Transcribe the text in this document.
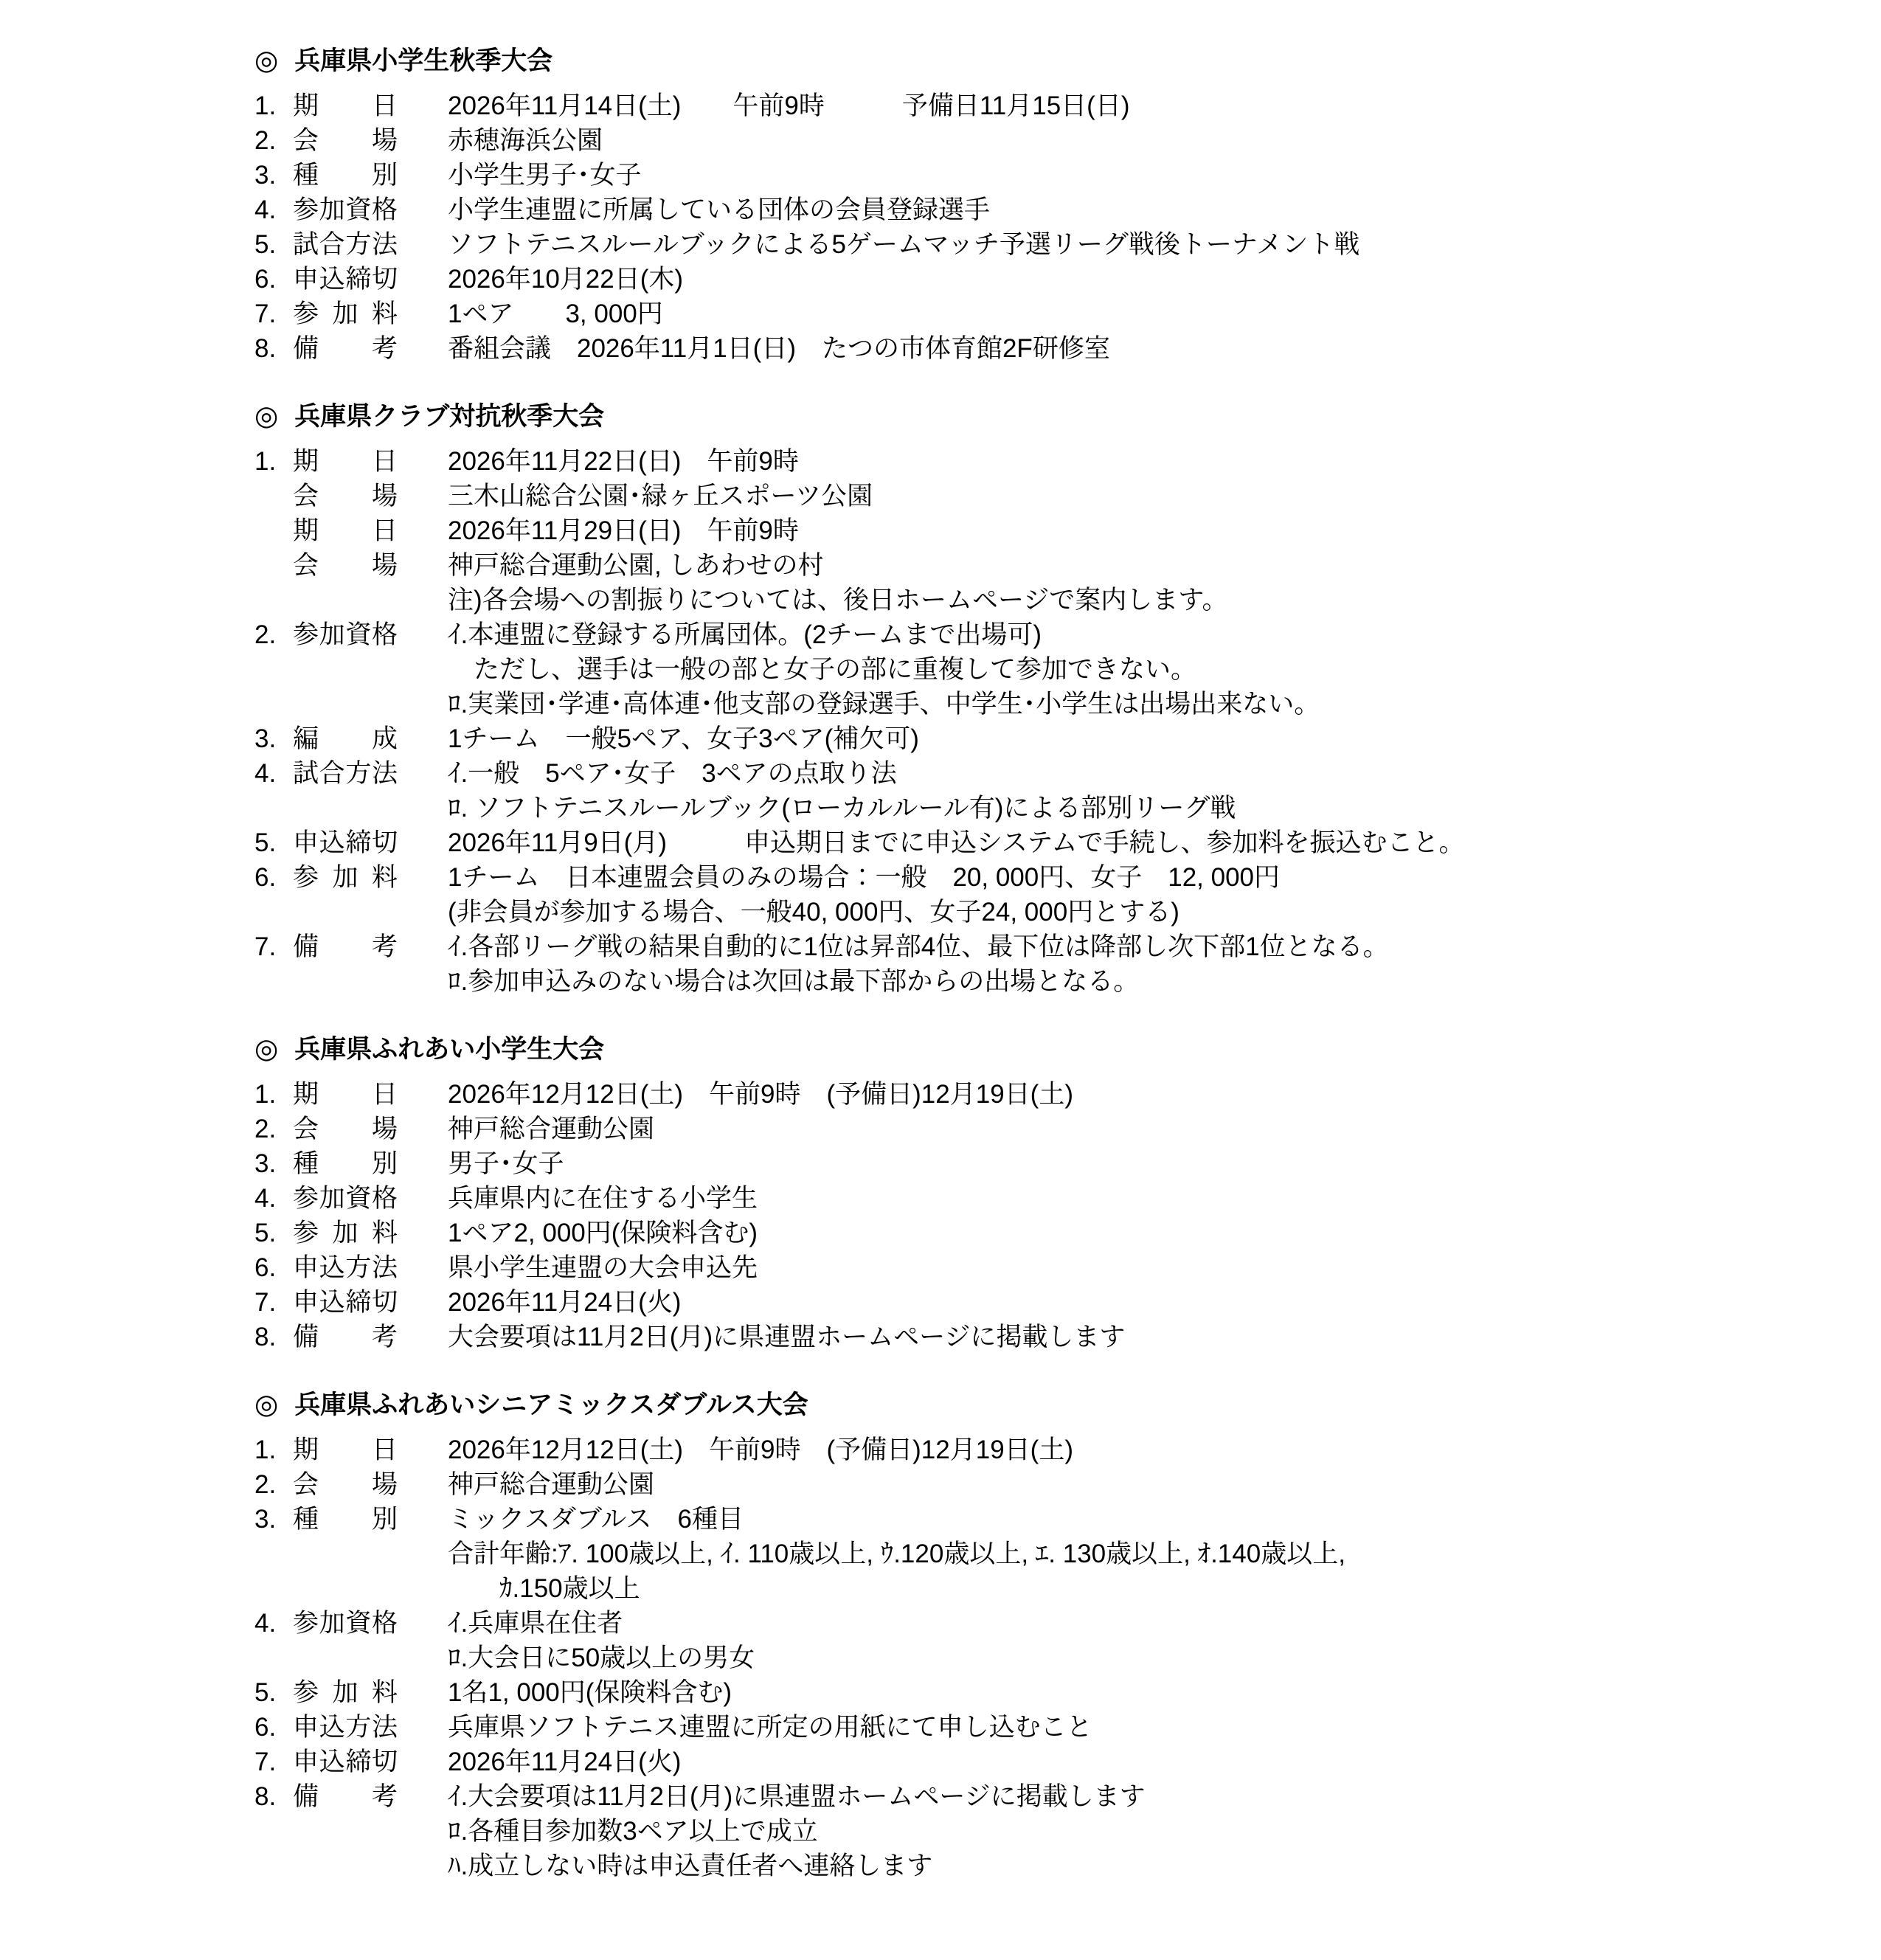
◎ 兵庫県小学生秋季大会
1. 期日 2026年11月14日(土)　　午前9時　　　予備日11月15日(日)
2. 会場 赤穂海浜公園
3. 種別 小学生男子･女子
4. 参加資格 小学生連盟に所属している団体の会員登録選手
5. 試合方法 ソフトテニスルールブックによる5ゲームマッチ予選リーグ戦後トーナメント戦
6. 申込締切 2026年10月22日(木)
7. 参加料 1ペア　　3, 000円
8. 備考 番組会議　2026年11月1日(日)　たつの市体育館2F研修室
◎ 兵庫県クラブ対抗秋季大会
1. 期日 2026年11月22日(日)　午前9時
会場 三木山総合公園･緑ヶ丘スポーツ公園
期日 2026年11月29日(日)　午前9時
会場 神戸総合運動公園, しあわせの村
注)各会場への割振りについては、後日ホームページで案内します。
2. 参加資格 ｲ.本連盟に登録する所属団体。(2チームまで出場可)
　ただし、選手は一般の部と女子の部に重複して参加できない。
ﾛ.実業団･学連･高体連･他支部の登録選手、中学生･小学生は出場出来ない。
3. 編成 1チーム　一般5ペア、女子3ペア(補欠可)
4. 試合方法 ｲ.一般　5ペア･女子　3ペアの点取り法
ﾛ. ソフトテニスルールブック(ローカルルール有)による部別リーグ戦
5. 申込締切 2026年11月9日(月)　　　申込期日までに申込システムで手続し、参加料を振込むこと。
6. 参加料 1チーム　日本連盟会員のみの場合：一般　20, 000円、女子　12, 000円
(非会員が参加する場合、一般40, 000円、女子24, 000円とする)
7. 備考 ｲ.各部リーグ戦の結果自動的に1位は昇部4位、最下位は降部し次下部1位となる。
ﾛ.参加申込みのない場合は次回は最下部からの出場となる。
◎ 兵庫県ふれあい小学生大会
1. 期日 2026年12月12日(土)　午前9時　(予備日)12月19日(土)
2. 会場 神戸総合運動公園
3. 種別 男子･女子
4. 参加資格 兵庫県内に在住する小学生
5. 参加料 1ペア2, 000円(保険料含む)
6. 申込方法 県小学生連盟の大会申込先
7. 申込締切 2026年11月24日(火)
8. 備考 大会要項は11月2日(月)に県連盟ホームページに掲載します
◎ 兵庫県ふれあいシニアミックスダブルス大会
1. 期日 2026年12月12日(土)　午前9時　(予備日)12月19日(土)
2. 会場 神戸総合運動公園
3. 種別 ミックスダブルス　6種目
合計年齢:ｱ. 100歳以上, ｲ. 110歳以上, ｳ.120歳以上, ｴ. 130歳以上, ｵ.140歳以上,
　　ｶ.150歳以上
4. 参加資格 ｲ.兵庫県在住者
ﾛ.大会日に50歳以上の男女
5. 参加料 1名1, 000円(保険料含む)
6. 申込方法 兵庫県ソフトテニス連盟に所定の用紙にて申し込むこと
7. 申込締切 2026年11月24日(火)
8. 備考 ｲ.大会要項は11月2日(月)に県連盟ホームページに掲載します
ﾛ.各種目参加数3ペア以上で成立
ﾊ.成立しない時は申込責任者へ連絡します
